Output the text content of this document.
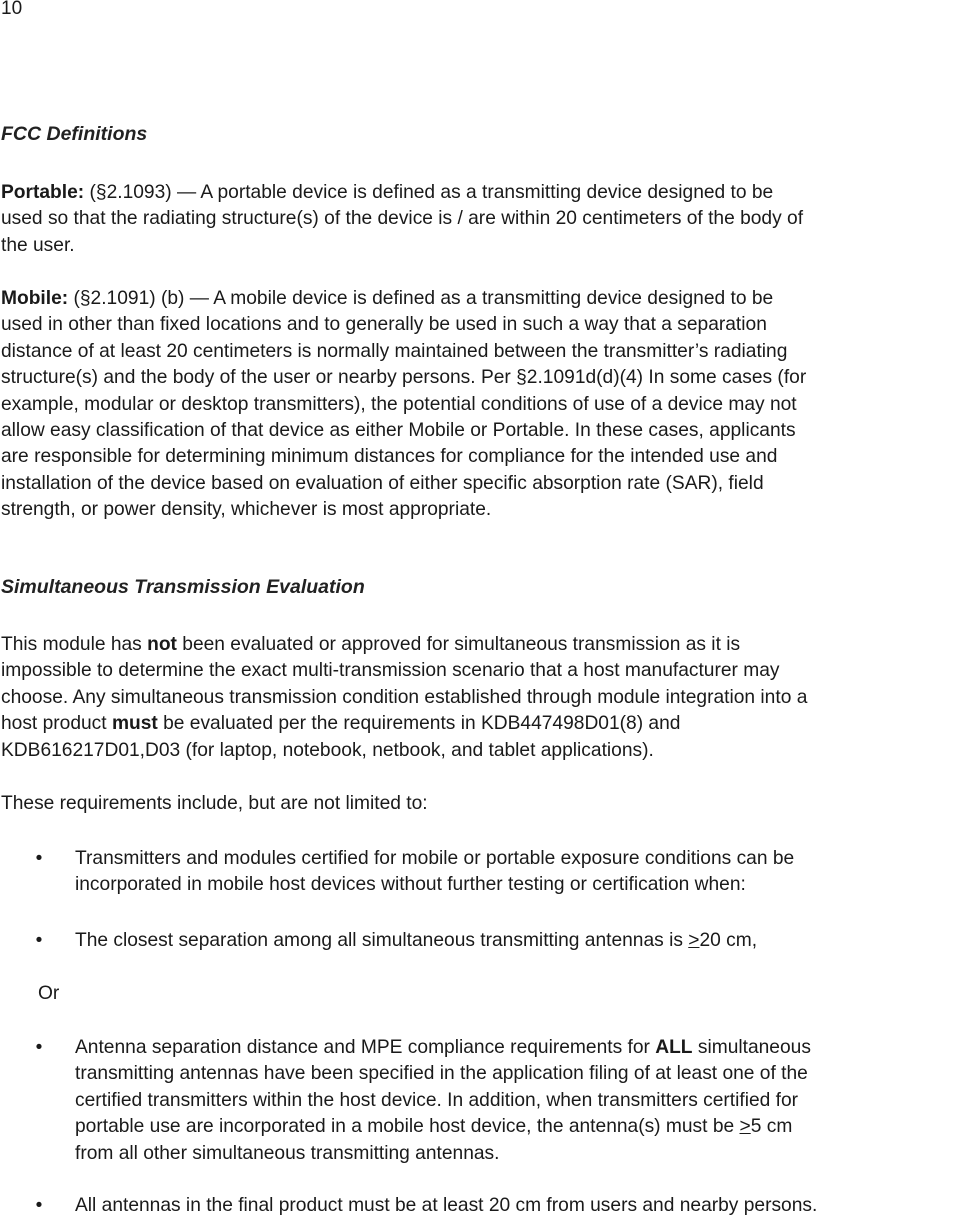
10
FCC Definitions
Portable: (§2.1093) — A portable device is defined as a transmitting device designed to be
used so that the radiating structure(s) of the device is / are within 20 centimeters of the body of
the user.
Mobile: (§2.1091) (b) — A mobile device is defined as a transmitting device designed to be
used in other than fixed locations and to generally be used in such a way that a separation
distance of at least 20 centimeters is normally maintained between the transmitter’s radiating
structure(s) and the body of the user or nearby persons. Per §2.1091d(d)(4) In some cases (for
example, modular or desktop transmitters), the potential conditions of use of a device may not
allow easy classification of that device as either Mobile or Portable. In these cases, applicants
are responsible for determining minimum distances for compliance for the intended use and
installation of the device based on evaluation of either specific absorption rate (SAR), field
strength, or power density, whichever is most appropriate.
Simultaneous Transmission Evaluation
This module has not been evaluated or approved for simultaneous transmission as it is
impossible to determine the exact multi-transmission scenario that a host manufacturer may
choose. Any simultaneous transmission condition established through module integration into a
host product must be evaluated per the requirements in KDB447498D01(8) and
KDB616217D01,D03 (for laptop, notebook, netbook, and tablet applications).
These requirements include, but are not limited to:
• Transmitters and modules certified for mobile or portable exposure conditions can be
incorporated in mobile host devices without further testing or certification when:
• The closest separation among all simultaneous transmitting antennas is ≥20 cm,
Or
• Antenna separation distance and MPE compliance requirements for ALL simultaneous
transmitting antennas have been specified in the application filing of at least one of the
certified transmitters within the host device. In addition, when transmitters certified for
portable use are incorporated in a mobile host device, the antenna(s) must be ≥5 cm
from all other simultaneous transmitting antennas.
• All antennas in the final product must be at least 20 cm from users and nearby persons.
